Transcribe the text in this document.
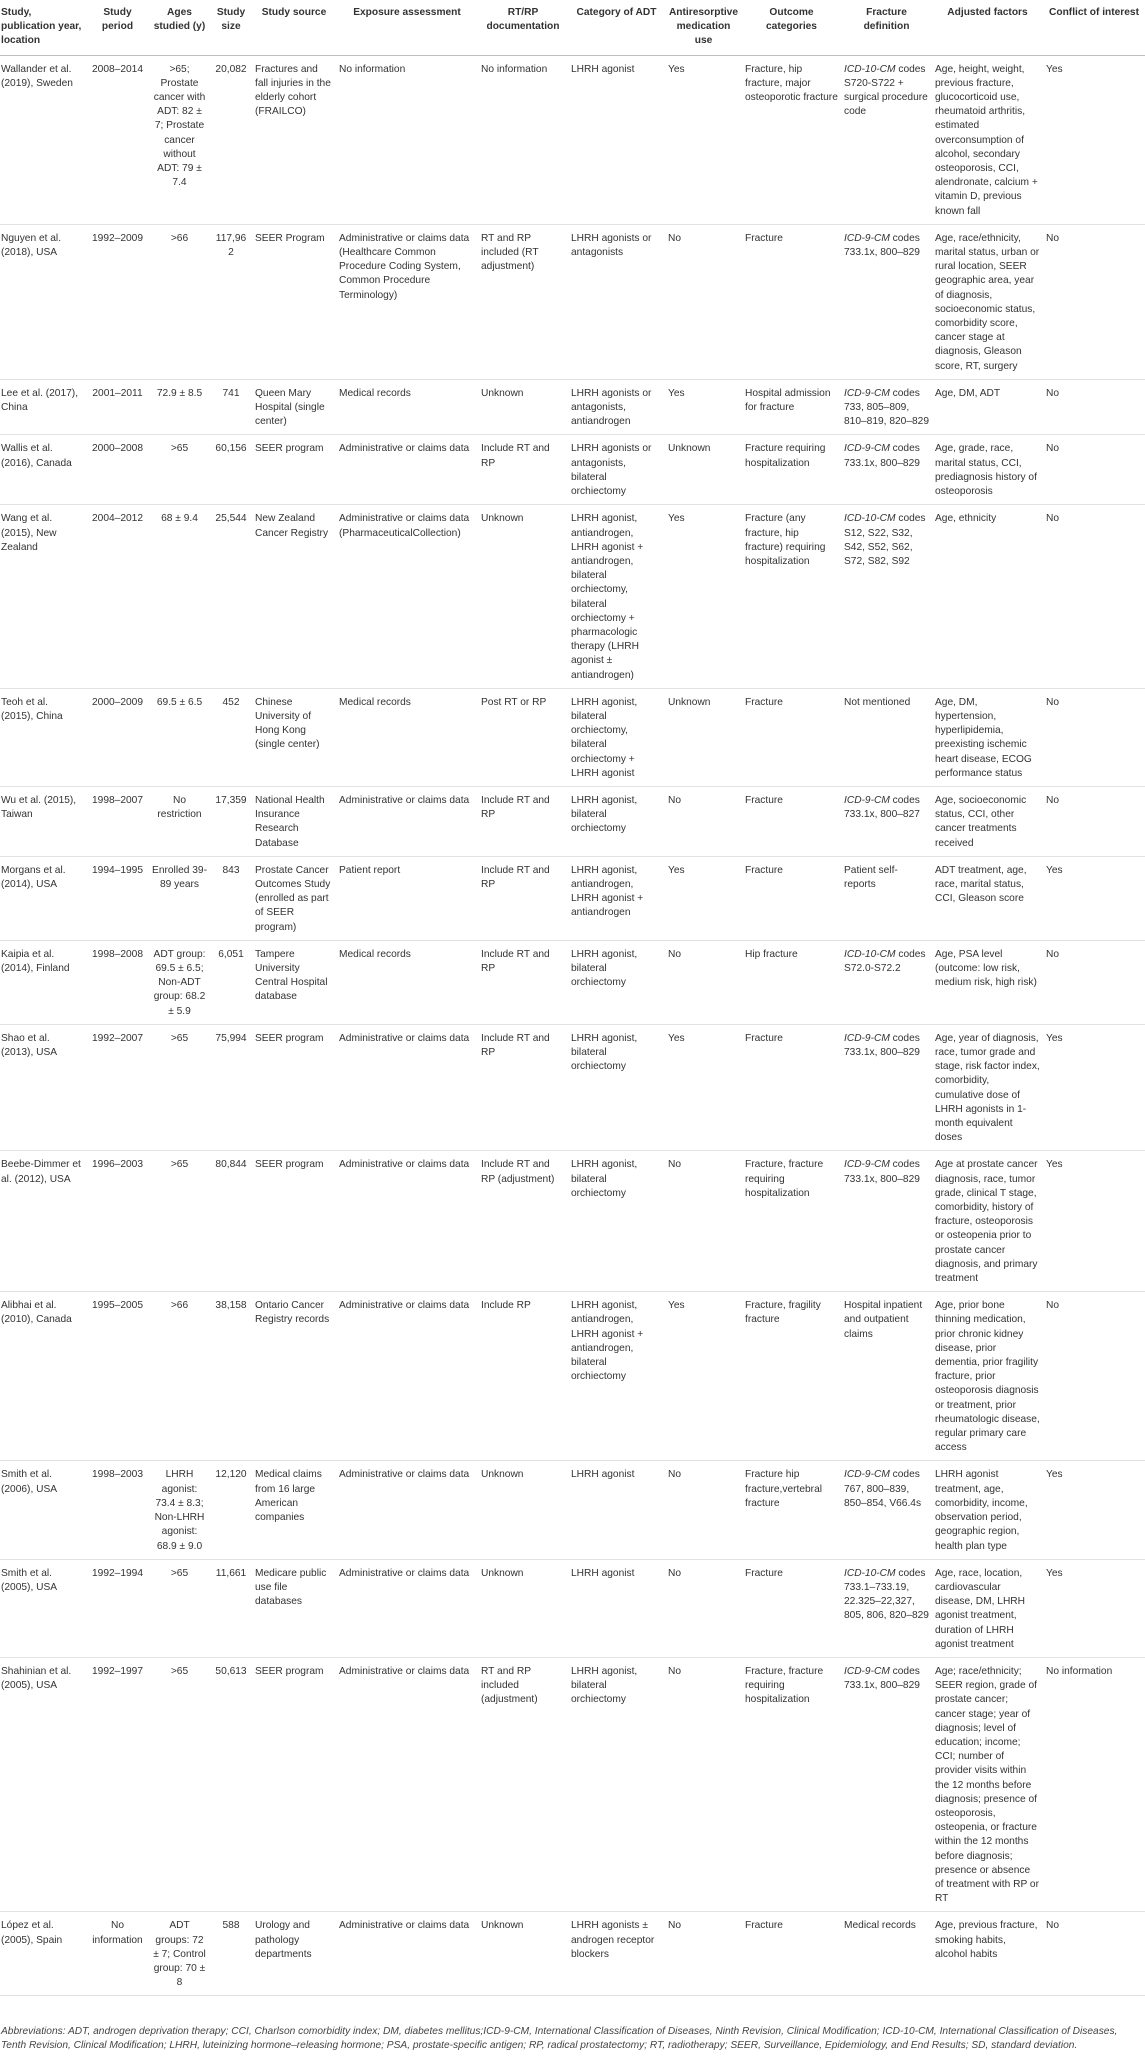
Study, publication year, location	Study period	Ages studied (y)	Study size	Study source	Exposure assessment	RT/RP documentation	Category of ADT	Antiresorptive medication use	Outcome categories	Fracture definition	Adjusted factors	Conflict of interest
Wallander et al. (2019), Sweden	2008–2014	>65; Prostate cancer with ADT: 82 ± 7; Prostate cancer without ADT: 79 ± 7.4	20,082	Fractures and fall injuries in the elderly cohort (FRAILCO)	No information	No information	LHRH agonist	Yes	Fracture, hip fracture, major osteoporotic fracture	ICD-10-CM codes S720-S722 + surgical procedure code	Age, height, weight, previous fracture, glucocorticoid use, rheumatoid arthritis, estimated overconsumption of alcohol, secondary osteoporosis, CCI, alendronate, calcium + vitamin D, previous known fall	Yes
Nguyen et al. (2018), USA	1992–2009	>66	117,962	SEER Program	Administrative or claims data (Healthcare Common Procedure Coding System, Common Procedure Terminology)	RT and RP included (RT adjustment)	LHRH agonists or antagonists	No	Fracture	ICD-9-CM codes 733.1x, 800–829	Age, race/ethnicity, marital status, urban or rural location, SEER geographic area, year of diagnosis, socioeconomic status, comorbidity score, cancer stage at diagnosis, Gleason score, RT, surgery	No
Lee et al. (2017), China	2001–2011	72.9 ± 8.5	741	Queen Mary Hospital (single center)	Medical records	Unknown	LHRH agonists or antagonists, antiandrogen	Yes	Hospital admission for fracture	ICD-9-CM codes 733, 805–809, 810–819, 820–829	Age, DM, ADT	No
Wallis et al. (2016), Canada	2000–2008	>65	60,156	SEER program	Administrative or claims data	Include RT and RP	LHRH agonists or antagonists, bilateral orchiectomy	Unknown	Fracture requiring hospitalization	ICD-9-CM codes 733.1x, 800–829	Age, grade, race, marital status, CCI, prediagnosis history of osteoporosis	No
Wang et al. (2015), New Zealand	2004–2012	68 ± 9.4	25,544	New Zealand Cancer Registry	Administrative or claims data (PharmaceuticalCollection)	Unknown	LHRH agonist, antiandrogen, LHRH agonist + antiandrogen, bilateral orchiectomy, bilateral orchiectomy + pharmacologic therapy (LHRH agonist ± antiandrogen)	Yes	Fracture (any fracture, hip fracture) requiring hospitalization	ICD-10-CM codes S12, S22, S32, S42, S52, S62, S72, S82, S92	Age, ethnicity	No
Teoh et al. (2015), China	2000–2009	69.5 ± 6.5	452	Chinese University of Hong Kong (single center)	Medical records	Post RT or RP	LHRH agonist, bilateral orchiectomy, bilateral orchiectomy + LHRH agonist	Unknown	Fracture	Not mentioned	Age, DM, hypertension, hyperlipidemia, preexisting ischemic heart disease, ECOG performance status	No
Wu et al. (2015), Taiwan	1998–2007	No restriction	17,359	National Health Insurance Research Database	Administrative or claims data	Include RT and RP	LHRH agonist, bilateral orchiectomy	No	Fracture	ICD-9-CM codes 733.1x, 800–827	Age, socioeconomic status, CCI, other cancer treatments received	No
Morgans et al. (2014), USA	1994–1995	Enrolled 39-89 years	843	Prostate Cancer Outcomes Study (enrolled as part of SEER program)	Patient report	Include RT and RP	LHRH agonist, antiandrogen, LHRH agonist + antiandrogen	Yes	Fracture	Patient self-reports	ADT treatment, age, race, marital status, CCI, Gleason score	Yes
Kaipia et al. (2014), Finland	1998–2008	ADT group: 69.5 ± 6.5; Non-ADT group: 68.2 ± 5.9	6,051	Tampere University Central Hospital database	Medical records	Include RT and RP	LHRH agonist, bilateral orchiectomy	No	Hip fracture	ICD-10-CM codes S72.0-S72.2	Age, PSA level (outcome: low risk, medium risk, high risk)	No
Shao et al. (2013), USA	1992–2007	>65	75,994	SEER program	Administrative or claims data	Include RT and RP	LHRH agonist, bilateral orchiectomy	Yes	Fracture	ICD-9-CM codes 733.1x, 800–829	Age, year of diagnosis, race, tumor grade and stage, risk factor index, comorbidity, cumulative dose of LHRH agonists in 1-month equivalent doses	Yes
Beebe-Dimmer et al. (2012), USA	1996–2003	>65	80,844	SEER program	Administrative or claims data	Include RT and RP (adjustment)	LHRH agonist, bilateral orchiectomy	No	Fracture, fracture requiring hospitalization	ICD-9-CM codes 733.1x, 800–829	Age at prostate cancer diagnosis, race, tumor grade, clinical T stage, comorbidity, history of fracture, osteoporosis or osteopenia prior to prostate cancer diagnosis, and primary treatment	Yes
Alibhai et al. (2010), Canada	1995–2005	>66	38,158	Ontario Cancer Registry records	Administrative or claims data	Include RP	LHRH agonist, antiandrogen, LHRH agonist + antiandrogen, bilateral orchiectomy	Yes	Fracture, fragility fracture	Hospital inpatient and outpatient claims	Age, prior bone thinning medication, prior chronic kidney disease, prior dementia, prior fragility fracture, prior osteoporosis diagnosis or treatment, prior rheumatologic disease, regular primary care access	No
Smith et al. (2006), USA	1998–2003	LHRH agonist: 73.4 ± 8.3; Non-LHRH agonist: 68.9 ± 9.0	12,120	Medical claims from 16 large American companies	Administrative or claims data	Unknown	LHRH agonist	No	Fracture hip fracture,vertebral fracture	ICD-9-CM codes 767, 800–839, 850–854, V66.4s	LHRH agonist treatment, age, comorbidity, income, observation period, geographic region, health plan type	Yes
Smith et al. (2005), USA	1992–1994	>65	11,661	Medicare public use file databases	Administrative or claims data	Unknown	LHRH agonist	No	Fracture	ICD-10-CM codes 733.1–733.19, 22.325–22,327, 805, 806, 820–829	Age, race, location, cardiovascular disease, DM, LHRH agonist treatment, duration of LHRH agonist treatment	Yes
Shahinian et al. (2005), USA	1992–1997	>65	50,613	SEER program	Administrative or claims data	RT and RP included (adjustment)	LHRH agonist, bilateral orchiectomy	No	Fracture, fracture requiring hospitalization	ICD-9-CM codes 733.1x, 800–829	Age; race/ethnicity; SEER region, grade of prostate cancer; cancer stage; year of diagnosis; level of education; income; CCI; number of provider visits within the 12 months before diagnosis; presence of osteoporosis, osteopenia, or fracture within the 12 months before diagnosis; presence or absence of treatment with RP or RT	No information
López et al. (2005), Spain	No information	ADT groups: 72 ± 7; Control group: 70 ± 8	588	Urology and pathology departments	Administrative or claims data	Unknown	LHRH agonists ± androgen receptor blockers	No	Fracture	Medical records	Age, previous fracture, smoking habits, alcohol habits	No
Abbreviations: ADT, androgen deprivation therapy; CCI, Charlson comorbidity index; DM, diabetes mellitus;ICD-9-CM, International Classification of Diseases, Ninth Revision, Clinical Modification; ICD-10-CM, International Classification of Diseases, Tenth Revision, Clinical Modification; LHRH, luteinizing hormone–releasing hormone; PSA, prostate-specific antigen; RP, radical prostatectomy; RT, radiotherapy; SEER, Surveillance, Epidemiology, and End Results; SD, standard deviation.
